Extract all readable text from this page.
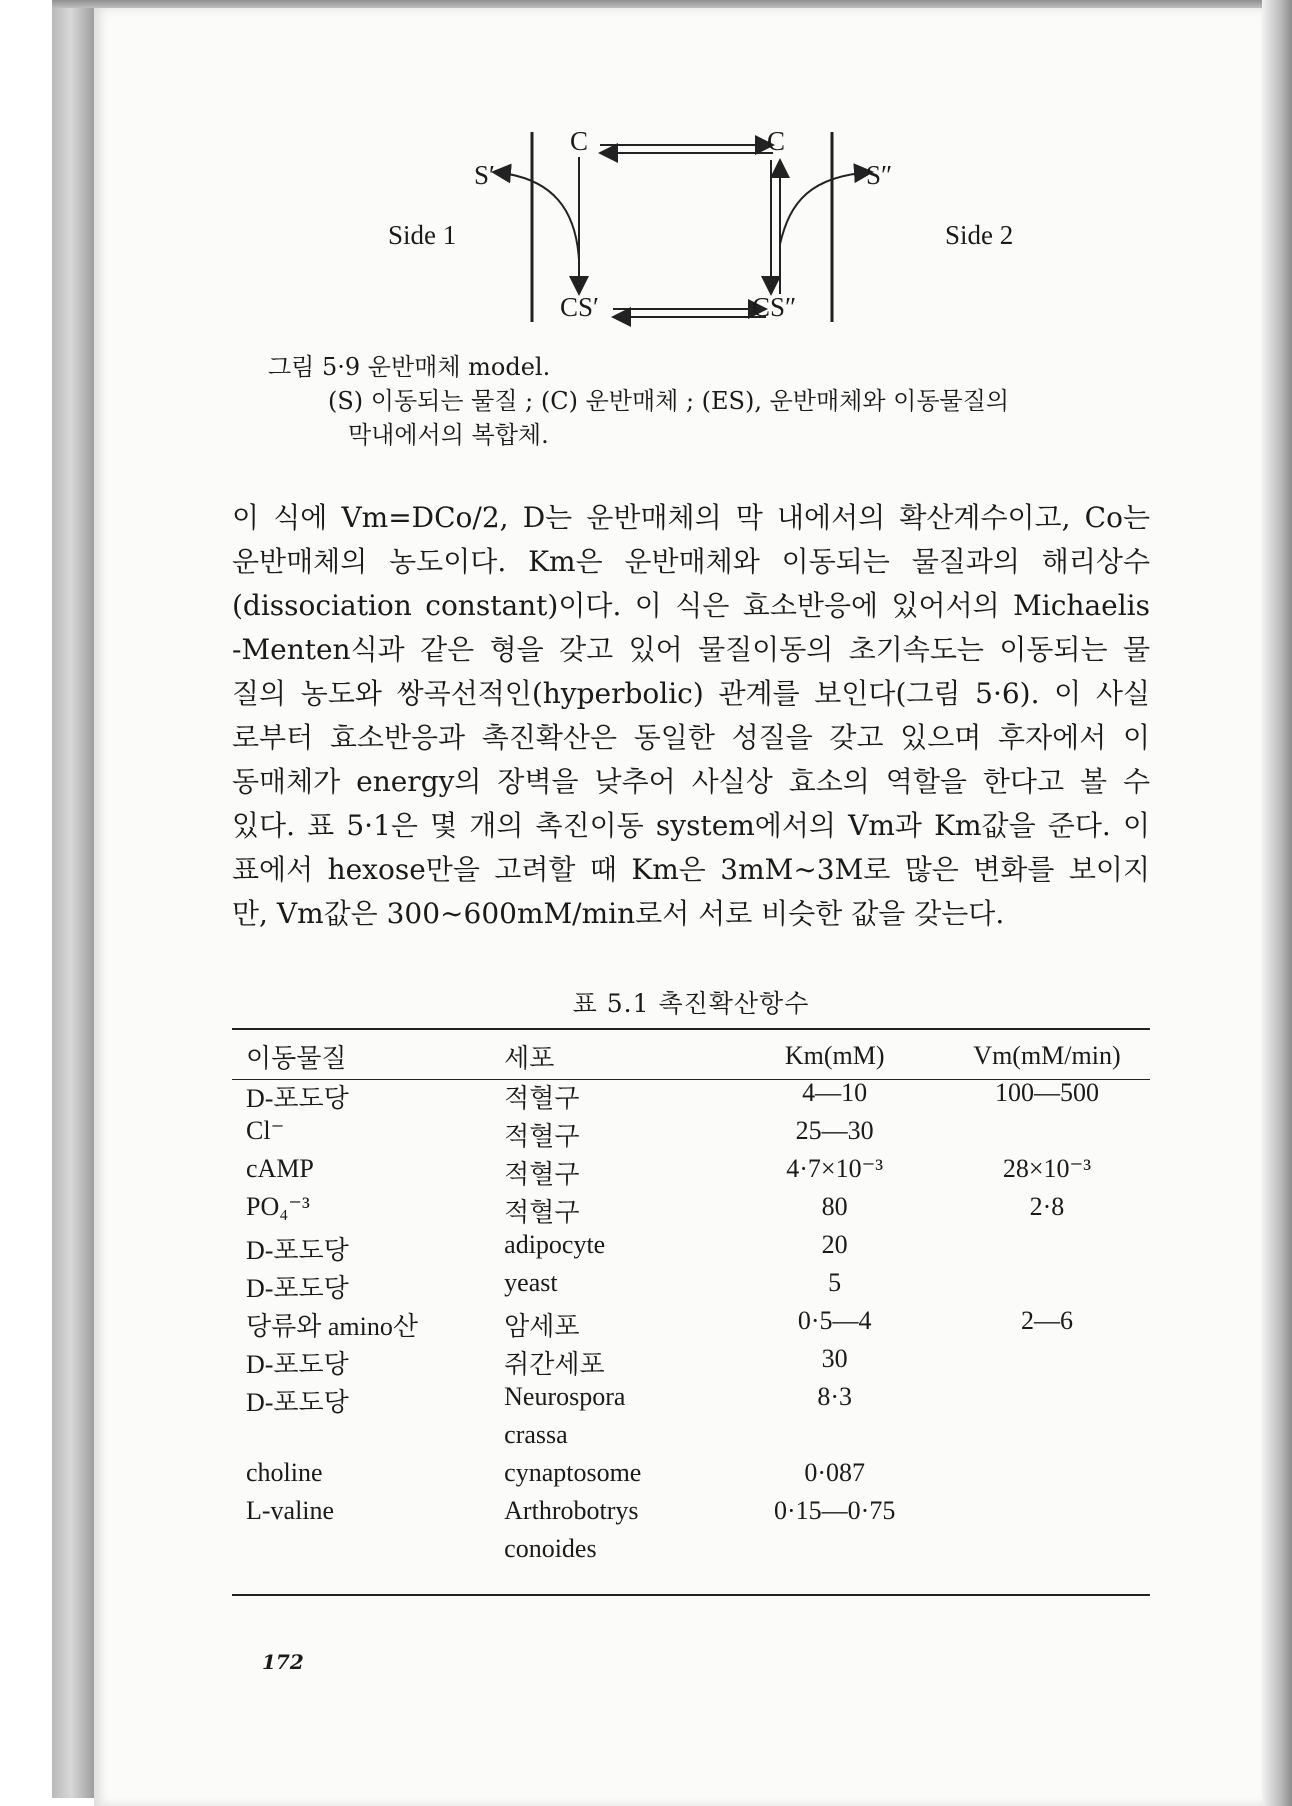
C	C
S′	S″
Side 1	Side 2
CS′	CS″
그림 5·9 운반매체 model.
(S) 이동되는 물질 ; (C) 운반매체 ; (ES), 운반매체와 이동물질의
막내에서의 복합체.
이 식에 Vm=DCo/2, D는 운반매체의 막 내에서의 확산계수이고, Co는
운반매체의 농도이다. Km은 운반매체와 이동되는 물질과의 해리상수
(dissociation constant)이다. 이 식은 효소반응에 있어서의 Michaelis
-Menten식과 같은 형을 갖고 있어 물질이동의 초기속도는 이동되는 물
질의 농도와 쌍곡선적인(hyperbolic) 관계를 보인다(그림 5·6). 이 사실
로부터 효소반응과 촉진확산은 동일한 성질을 갖고 있으며 후자에서 이
동매체가 energy의 장벽을 낮추어 사실상 효소의 역할을 한다고 볼 수
있다. 표 5·1은 몇 개의 촉진이동 system에서의 Vm과 Km값을 준다. 이
표에서 hexose만을 고려할 때 Km은 3mM∼3M로 많은 변화를 보이지
만, Vm값은 300∼600mM/min로서 서로 비슷한 값을 갖는다.
표 5.1 촉진확산항수
이동물질	세포	Km(mM)	Vm(mM/min)
D-포도당	적혈구	4—10	100—500
Cl⁻	적혈구	25—30	
cAMP	적혈구	4·7×10⁻³	28×10⁻³
PO₄⁻³	적혈구	80	2·8
D-포도당	adipocyte	20	
D-포도당	yeast	5	
당류와 amino산	암세포	0·5—4	2—6
D-포도당	쥐간세포	30	
D-포도당	Neurospora	8·3	
	crassa		
choline	cynaptosome	0·087	
L-valine	Arthrobotrys	0·15—0·75	
	conoides		
172
